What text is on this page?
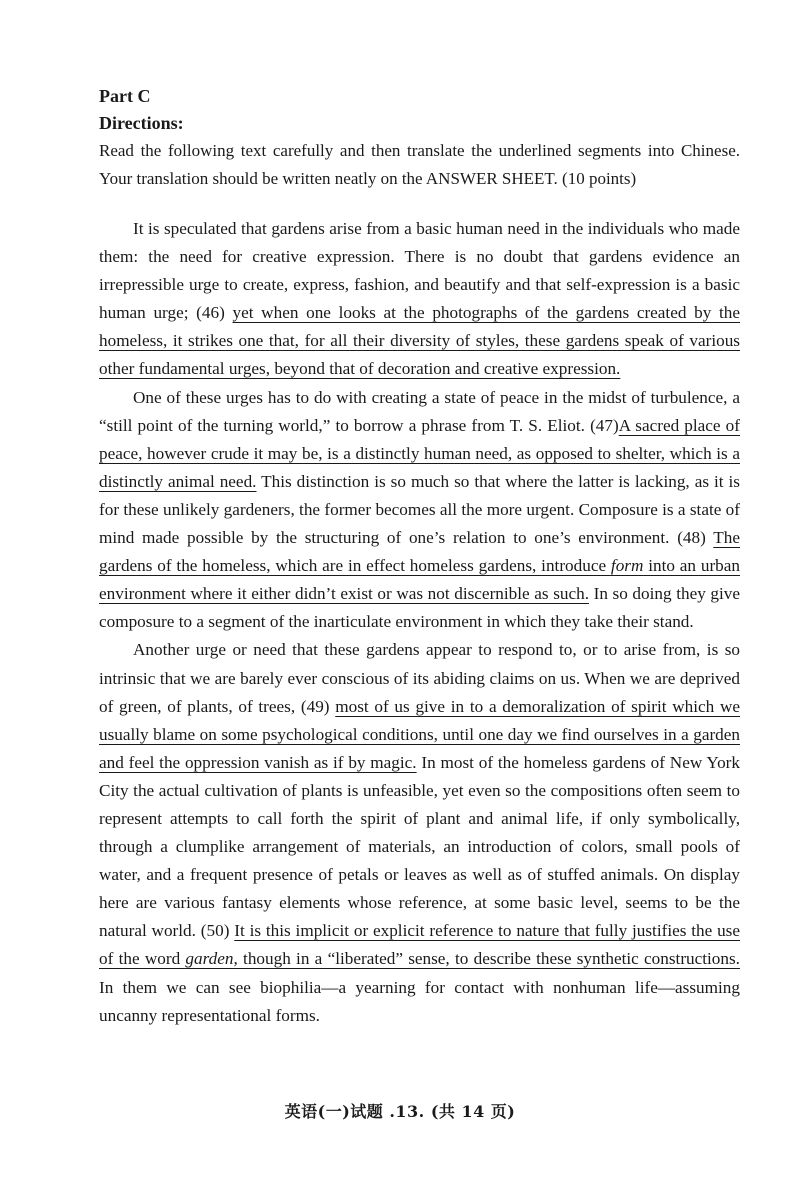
Part C

Directions:

Read the following text carefully and then translate the underlined segments into Chinese. Your translation should be written neatly on the ANSWER SHEET. (10 points)

It is speculated that gardens arise from a basic human need in the individuals who made them: the need for creative expression. There is no doubt that gardens evidence an irrepressible urge to create, express, fashion, and beautify and that self-expression is a basic human urge; (46) yet when one looks at the photographs of the gardens created by the homeless, it strikes one that, for all their diversity of styles, these gardens speak of various other fundamental urges, beyond that of decoration and creative expression.

One of these urges has to do with creating a state of peace in the midst of turbulence, a “still point of the turning world,” to borrow a phrase from T. S. Eliot. (47)A sacred place of peace, however crude it may be, is a distinctly human need, as opposed to shelter, which is a distinctly animal need. This distinction is so much so that where the latter is lacking, as it is for these unlikely gardeners, the former becomes all the more urgent. Composure is a state of mind made possible by the structuring of one’s relation to one’s environment. (48) The gardens of the homeless, which are in effect homeless gardens, introduce form into an urban environment where it either didn’t exist or was not discernible as such. In so doing they give composure to a segment of the inarticulate environment in which they take their stand.

Another urge or need that these gardens appear to respond to, or to arise from, is so intrinsic that we are barely ever conscious of its abiding claims on us. When we are deprived of green, of plants, of trees, (49) most of us give in to a demoralization of spirit which we usually blame on some psychological conditions, until one day we find ourselves in a garden and feel the oppression vanish as if by magic. In most of the homeless gardens of New York City the actual cultivation of plants is unfeasible, yet even so the compositions often seem to represent attempts to call forth the spirit of plant and animal life, if only symbolically, through a clumplike arrangement of materials, an introduction of colors, small pools of water, and a frequent presence of petals or leaves as well as of stuffed animals. On display here are various fantasy elements whose reference, at some basic level, seems to be the natural world. (50) It is this implicit or explicit reference to nature that fully justifies the use of the word garden, though in a “liberated” sense, to describe these synthetic constructions. In them we can see biophilia—a yearning for contact with nonhuman life—assuming uncanny representational forms.

英语(一)试题 .13. (共 14 页)
